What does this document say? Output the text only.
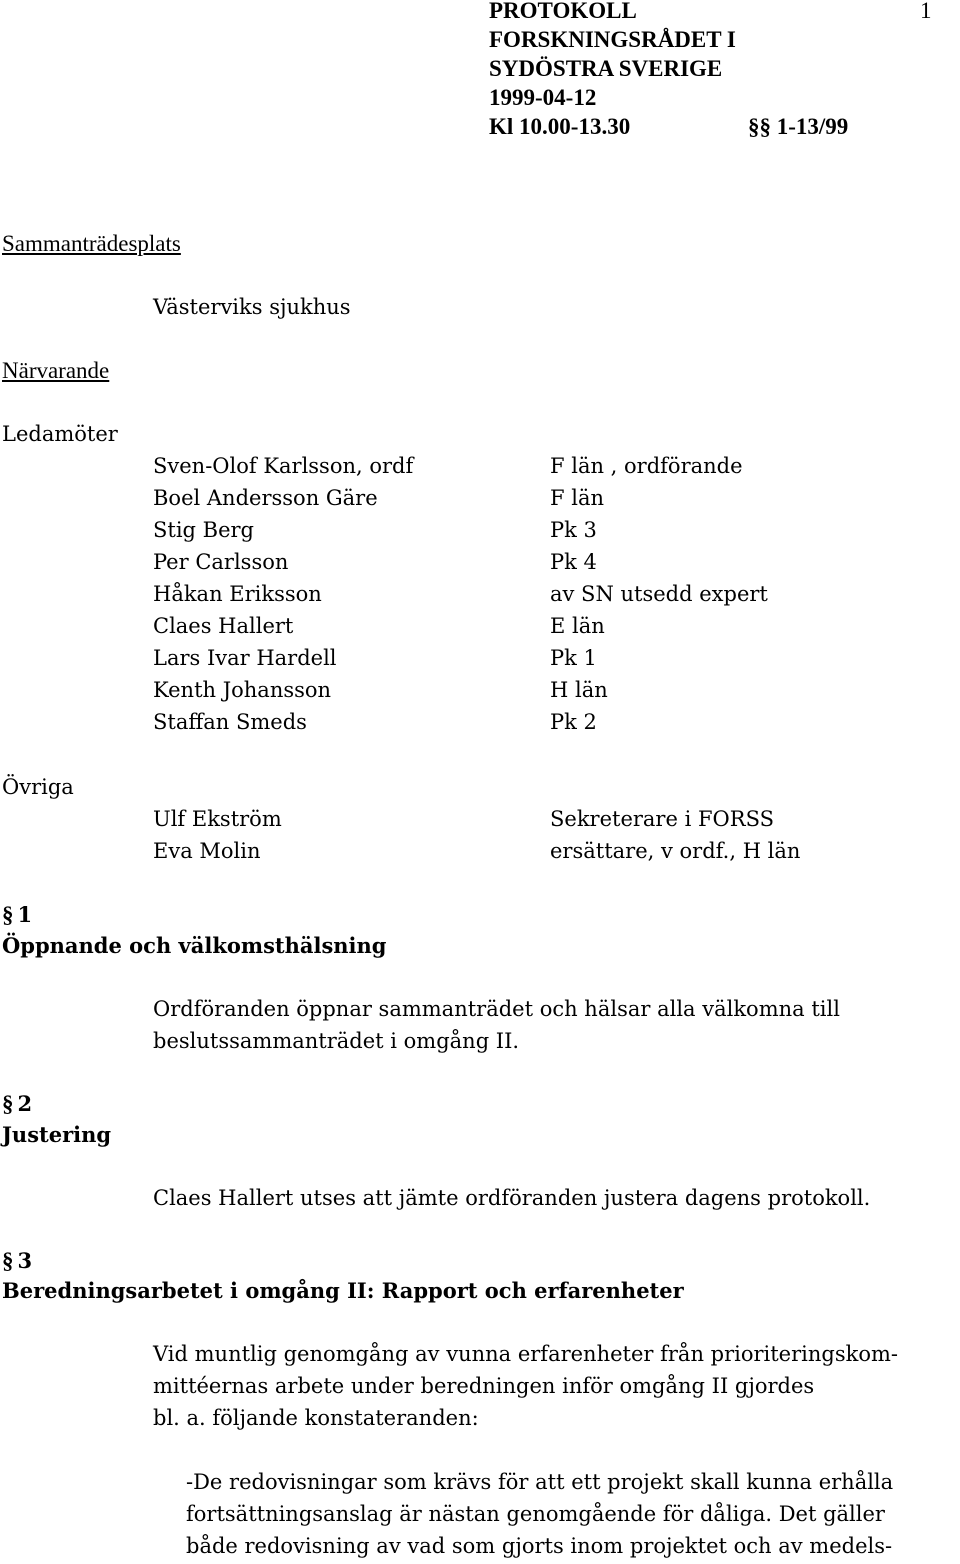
PROTOKOLL
FORSKNINGSRÅDET I
SYDÖSTRA SVERIGE
1999-04-12
Kl 10.00-13.30	§§ 1-13/99
1
Sammanträdesplats
Västerviks sjukhus
Närvarande
Ledamöter
Sven-Olof Karlsson, ordf	F län , ordförande
Boel Andersson Gäre	F län
Stig Berg	Pk 3
Per Carlsson	Pk 4
Håkan Eriksson	av SN utsedd expert
Claes Hallert	E län
Lars Ivar Hardell	Pk 1
Kenth Johansson	H län
Staffan Smeds	Pk 2
Övriga
Ulf Ekström	Sekreterare i FORSS
Eva Molin	ersättare, v ordf., H län
§ 1
Öppnande och välkomsthälsning
Ordföranden öppnar sammanträdet och hälsar alla välkomna till
beslutssammanträdet i omgång II.
§ 2
Justering
Claes Hallert utses att jämte ordföranden justera dagens protokoll.
§ 3
Beredningsarbetet i omgång II: Rapport och erfarenheter
Vid muntlig genomgång av vunna erfarenheter från prioriteringskom-
mittéernas arbete under beredningen inför omgång II gjordes
bl. a. följande konstateranden:
-De redovisningar som krävs för att ett projekt skall kunna erhålla
fortsättningsanslag är nästan genomgående för dåliga. Det gäller
både redovisning av vad som gjorts inom projektet och av medels-
